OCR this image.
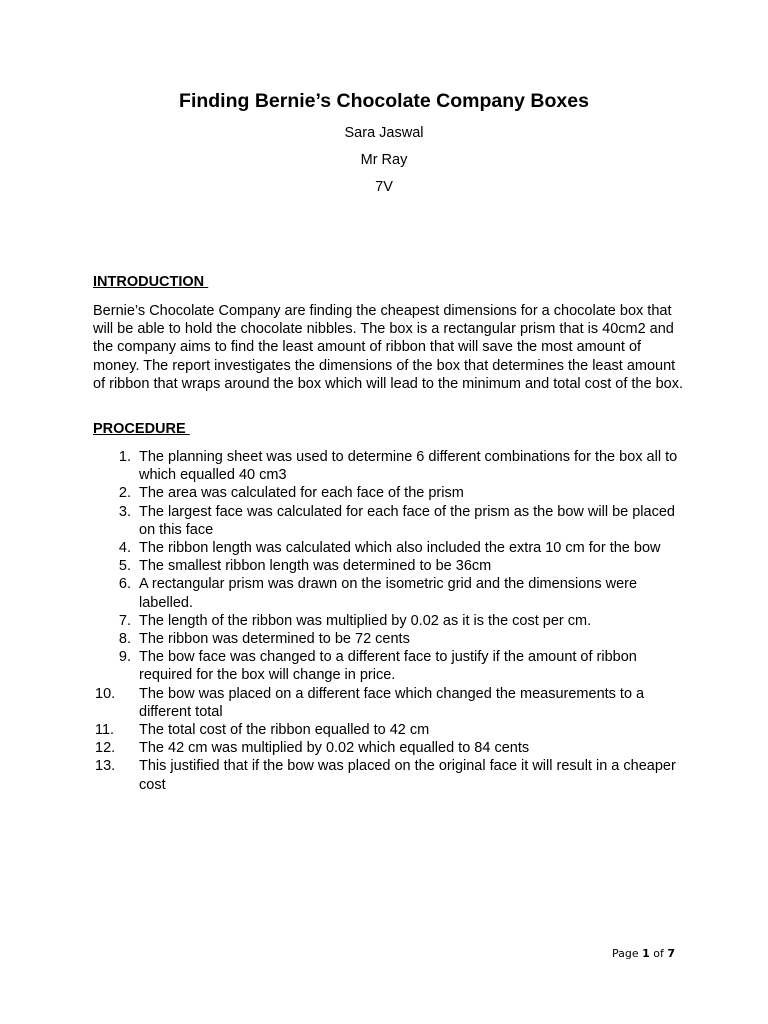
Finding Bernie’s Chocolate Company Boxes

Sara Jaswal

Mr Ray

7V

INTRODUCTION

Bernie’s Chocolate Company are finding the cheapest dimensions for a chocolate box that will be able to hold the chocolate nibbles. The box is a rectangular prism that is 40cm2 and the company aims to find the least amount of ribbon that will save the most amount of money. The report investigates the dimensions of the box that determines the least amount of ribbon that wraps around the box which will lead to the minimum and total cost of the box.

PROCEDURE
1. The planning sheet was used to determine 6 different combinations for the box all to which equalled 40 cm3
2. The area was calculated for each face of the prism
3. The largest face was calculated for each face of the prism as the bow will be placed on this face
4. The ribbon length was calculated which also included the extra 10 cm for the bow
5. The smallest ribbon length was determined to be 36cm
6. A rectangular prism was drawn on the isometric grid and the dimensions were labelled.
7. The length of the ribbon was multiplied by 0.02 as it is the cost per cm.
8. The ribbon was determined to be 72 cents
9. The bow face was changed to a different face to justify if the amount of ribbon required for the box will change in price.
10.	The bow was placed on a different face which changed the measurements to a different total
11.	The total cost of the ribbon equalled to 42 cm
12.	The 42 cm was multiplied by 0.02 which equalled to 84 cents
13.	This justified that if the bow was placed on the original face it will result in a cheaper cost

Page 1 of 7
